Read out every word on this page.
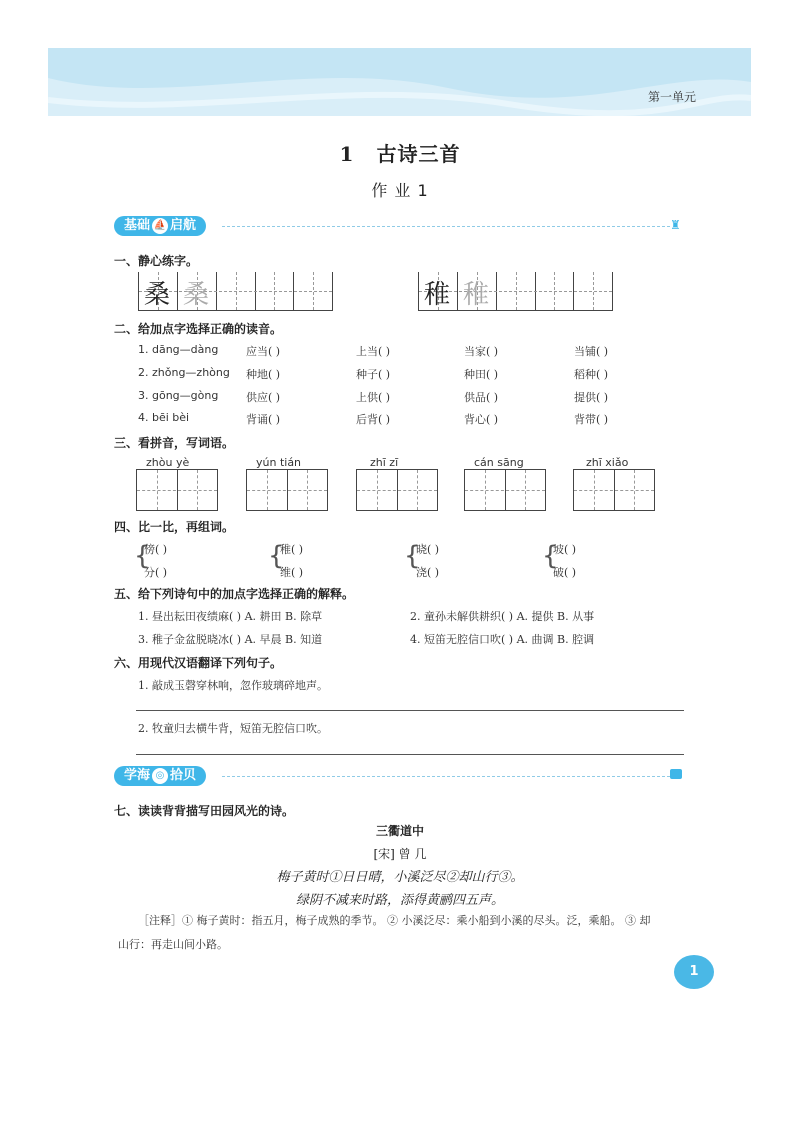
第一单元
1 古诗三首
作 业 1
基础 ⛵ 启航	♜
一、静心练字。
桑 桑	稚 稚
二、给加点字选择正确的读音。
1. dāng—dàng	应当( )	上当( )	当家( )	当铺( )
2. zhǒng—zhòng 种地( )	种子( )	种田( )	稻种( )
3. gōng—gòng	供应( )	上供( )	供品( )	提供( )
4. bēi bèi	背诵( )	后背( )	背心( )	背带( )
三、看拼音，写词语。
zhòu yè	yún tián	zhī zī	cán sāng	zhī xiǎo
四、比一比，再组词。
{
傍( )
分( )
{
稚( )
维( )
{
晓( )
浇( )
{
坡( )
破( )
五、给下列诗句中的加点字选择正确的解释。
1. 昼出耘田夜绩麻( ) A. 耕田 B. 除草	2. 童孙未解供耕织( ) A. 提供 B. 从事
3. 稚子金盆脱晓冰( ) A. 早晨 B. 知道	4. 短笛无腔信口吹( ) A. 曲调 B. 腔调
六、用现代汉语翻译下列句子。
1. 敲成玉磬穿林响，忽作玻璃碎地声。
2. 牧童归去横牛背，短笛无腔信口吹。
学海 ◎ 拾贝
七、读读背背描写田园风光的诗。
三衢道中
[宋] 曾 几
梅子黄时①日日晴，小溪泛尽②却山行③。
绿阴不减来时路，添得黄鹂四五声。
［注释］① 梅子黄时：指五月，梅子成熟的季节。 ② 小溪泛尽：乘小船到小溪的尽头。泛，乘船。 ③ 却
山行：再走山间小路。
1
